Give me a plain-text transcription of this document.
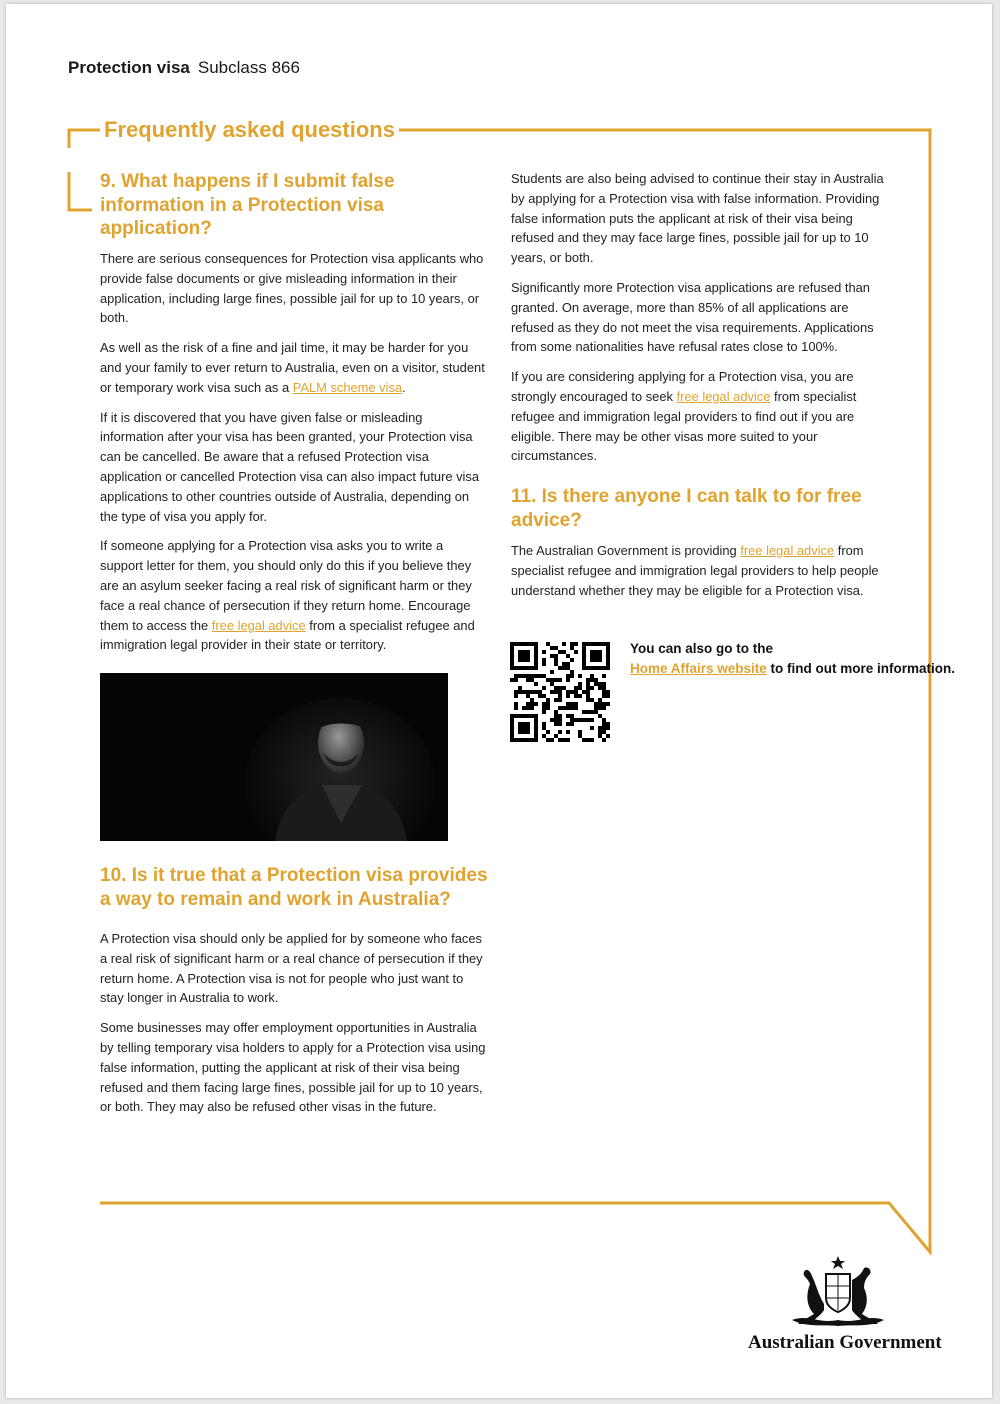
Protection visa Subclass 866
Frequently asked questions
9. What happens if I submit false information in a Protection visa application?

There are serious consequences for Protection visa applicants who provide false documents or give misleading information in their application, including large fines, possible jail for up to 10 years, or both.

As well as the risk of a fine and jail time, it may be harder for you and your family to ever return to Australia, even on a visitor, student or temporary work visa such as a PALM scheme visa.

If it is discovered that you have given false or misleading information after your visa has been granted, your Protection visa can be cancelled. Be aware that a refused Protection visa application or cancelled Protection visa can also impact future visa applications to other countries outside of Australia, depending on the type of visa you apply for.

If someone applying for a Protection visa asks you to write a support letter for them, you should only do this if you believe they are an asylum seeker facing a real risk of significant harm or they face a real chance of persecution if they return home. Encourage them to access the free legal advice from a specialist refugee and immigration legal provider in their state or territory.

10. Is it true that a Protection visa provides a way to remain and work in Australia?

A Protection visa should only be applied for by someone who faces a real risk of significant harm or a real chance of persecution if they return home. A Protection visa is not for people who just want to stay longer in Australia to work.

Some businesses may offer employment opportunities in Australia by telling temporary visa holders to apply for a Protection visa using false information, putting the applicant at risk of their visa being refused and them facing large fines, possible jail for up to 10 years, or both. They may also be refused other visas in the future.

Students are also being advised to continue their stay in Australia by applying for a Protection visa with false information. Providing false information puts the applicant at risk of their visa being refused and they may face large fines, possible jail for up to 10 years, or both.

Significantly more Protection visa applications are refused than granted. On average, more than 85% of all applications are refused as they do not meet the visa requirements. Applications from some nationalities have refusal rates close to 100%.

If you are considering applying for a Protection visa, you are strongly encouraged to seek free legal advice from specialist refugee and immigration legal providers to find out if you are eligible. There may be other visas more suited to your circumstances.

11. Is there anyone I can talk to for free advice?

The Australian Government is providing free legal advice from specialist refugee and immigration legal providers to help people understand whether they may be eligible for a Protection visa.

You can also go to the
Home Affairs website to find out more information.
Australian Government
